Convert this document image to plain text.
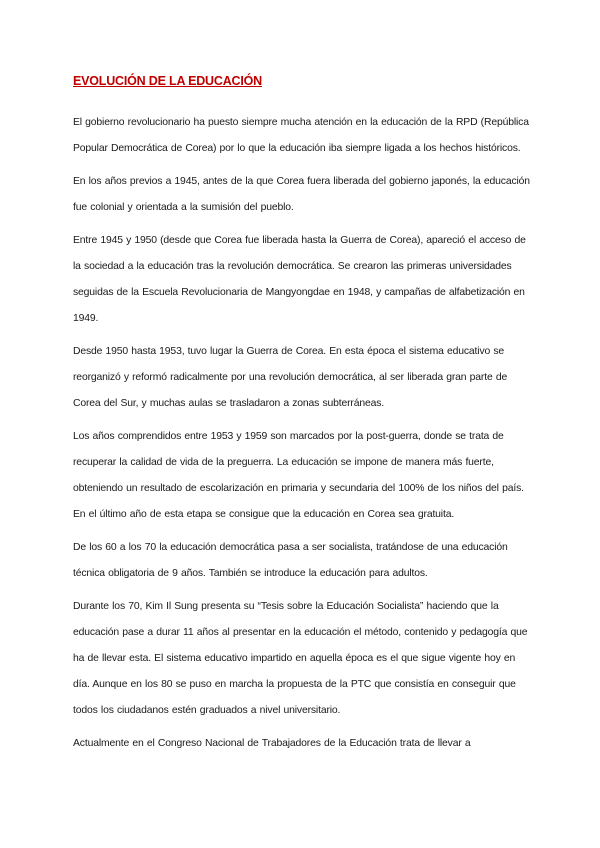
EVOLUCIÓN DE LA EDUCACIÓN

El gobierno revolucionario ha puesto siempre mucha atención en la educación de la RPD (República Popular Democrática de Corea) por lo que la educación iba siempre ligada a los hechos históricos.

En los años previos a 1945, antes de la que Corea fuera liberada del gobierno japonés, la educación fue colonial y orientada a la sumisión del pueblo.

Entre 1945 y 1950 (desde que Corea fue liberada hasta la Guerra de Corea), apareció el acceso de la sociedad a la educación tras la revolución democrática. Se crearon las primeras universidades seguidas de la Escuela Revolucionaria de Mangyongdae en 1948, y campañas de alfabetización en 1949.

Desde 1950 hasta 1953, tuvo lugar la Guerra de Corea. En esta época el sistema educativo se reorganizó y reformó radicalmente por una revolución democrática, al ser liberada gran parte de Corea del Sur, y muchas aulas se trasladaron a zonas subterráneas.

Los años comprendidos entre 1953 y 1959 son marcados por la post-guerra, donde se trata de recuperar la calidad de vida de la preguerra. La educación se impone de manera más fuerte, obteniendo un resultado de escolarización en primaria y secundaria del 100% de los niños del país. En el último año de esta etapa se consigue que la educación en Corea sea gratuita.

De los 60 a los 70 la educación democrática pasa a ser socialista, tratándose de una educación técnica obligatoria de 9 años. También se introduce la educación para adultos.

Durante los 70, Kim Il Sung presenta su “Tesis sobre la Educación Socialista” haciendo que la educación pase a durar 11 años al presentar en la educación el método, contenido y pedagogía que ha de llevar esta. El sistema educativo impartido en aquella época es el que sigue vigente hoy en día. Aunque en los 80 se puso en marcha la propuesta de la PTC que consistía en conseguir que todos los ciudadanos estén graduados a nivel universitario.

Actualmente en el Congreso Nacional de Trabajadores de la Educación trata de llevar a
